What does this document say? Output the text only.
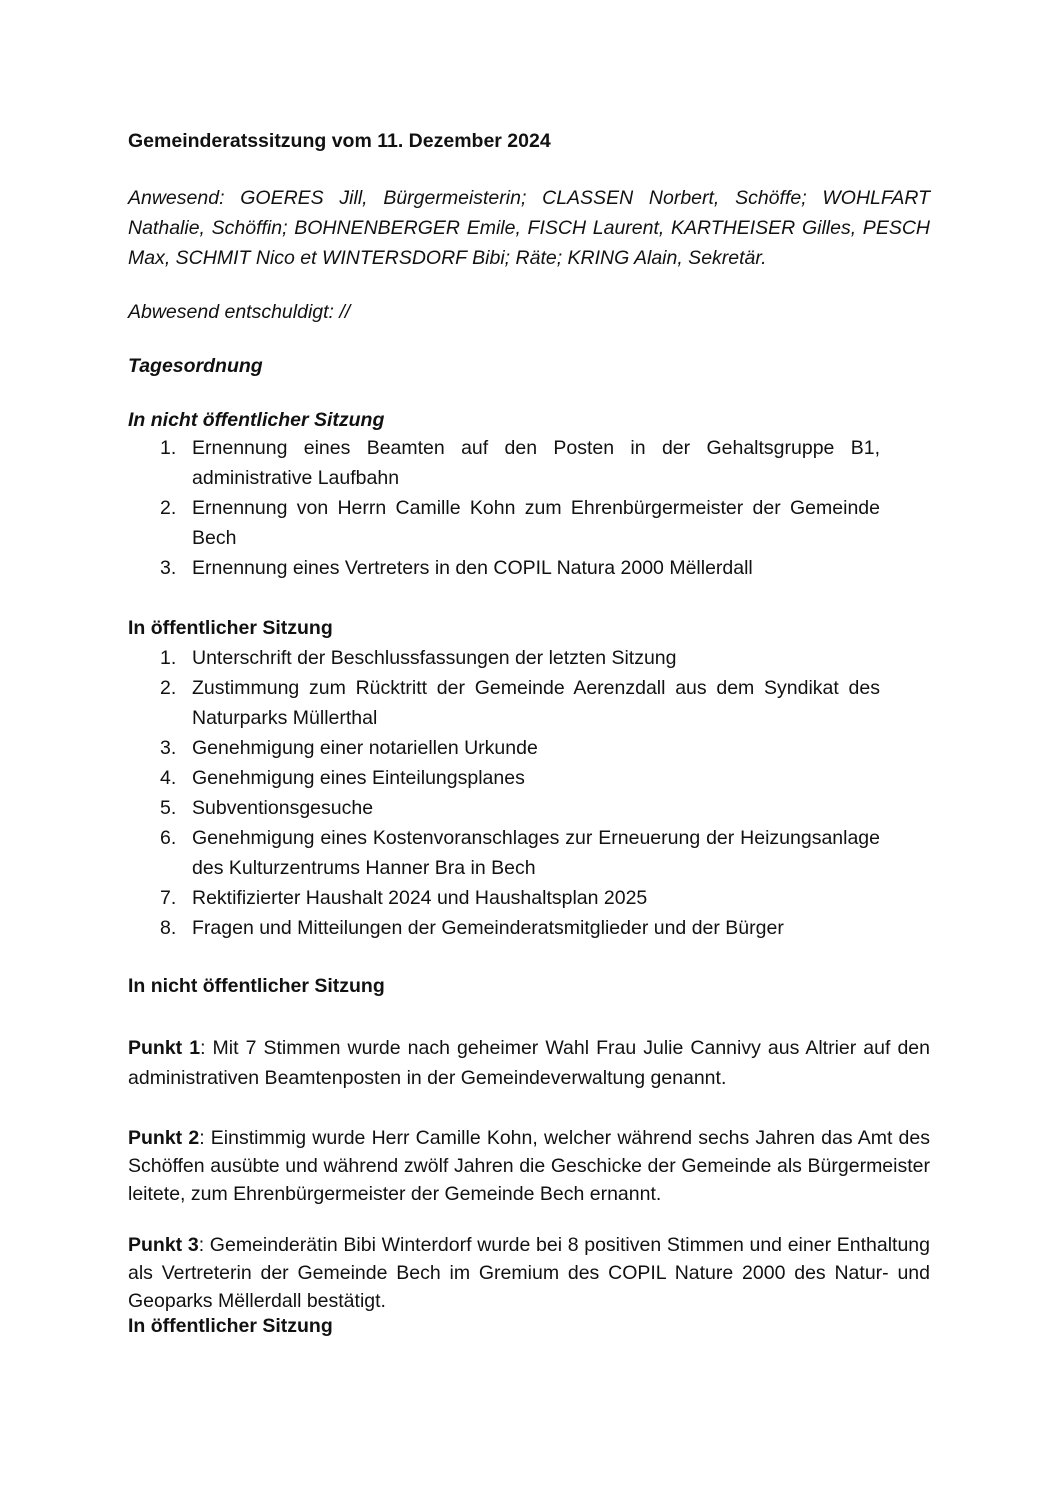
Gemeinderatssitzung vom 11. Dezember 2024

Anwesend: GOERES Jill, Bürgermeisterin; CLASSEN Norbert, Schöffe; WOHLFART Nathalie, Schöffin; BOHNENBERGER Emile, FISCH Laurent, KARTHEISER Gilles, PESCH Max, SCHMIT Nico et WINTERSDORF Bibi; Räte; KRING Alain, Sekretär.

Abwesend entschuldigt: //

Tagesordnung

In nicht öffentlicher Sitzung

1. Ernennung eines Beamten auf den Posten in der Gehaltsgruppe B1, administrative Laufbahn
2. Ernennung von Herrn Camille Kohn zum Ehrenbürgermeister der Gemeinde Bech
3. Ernennung eines Vertreters in den COPIL Natura 2000 Mëllerdall

In öffentlicher Sitzung

1. Unterschrift der Beschlussfassungen der letzten Sitzung
2. Zustimmung zum Rücktritt der Gemeinde Aerenzdall aus dem Syndikat des Naturparks Müllerthal
3. Genehmigung einer notariellen Urkunde
4. Genehmigung eines Einteilungsplanes
5. Subventionsgesuche
6. Genehmigung eines Kostenvoranschlages zur Erneuerung der Heizungsanlage des Kulturzentrums Hanner Bra in Bech
7. Rektifizierter Haushalt 2024 und Haushaltsplan 2025
8. Fragen und Mitteilungen der Gemeinderatsmitglieder und der Bürger

In nicht öffentlicher Sitzung

Punkt 1: Mit 7 Stimmen wurde nach geheimer Wahl Frau Julie Cannivy aus Altrier auf den administrativen Beamtenposten in der Gemeindeverwaltung genannt.

Punkt 2: Einstimmig wurde Herr Camille Kohn, welcher während sechs Jahren das Amt des Schöffen ausübte und während zwölf Jahren die Geschicke der Gemeinde als Bürgermeister leitete, zum Ehrenbürgermeister der Gemeinde Bech ernannt.

Punkt 3: Gemeinderätin Bibi Winterdorf wurde bei 8 positiven Stimmen und einer Enthaltung als Vertreterin der Gemeinde Bech im Gremium des COPIL Nature 2000 des Natur- und Geoparks Mëllerdall bestätigt.

In öffentlicher Sitzung
